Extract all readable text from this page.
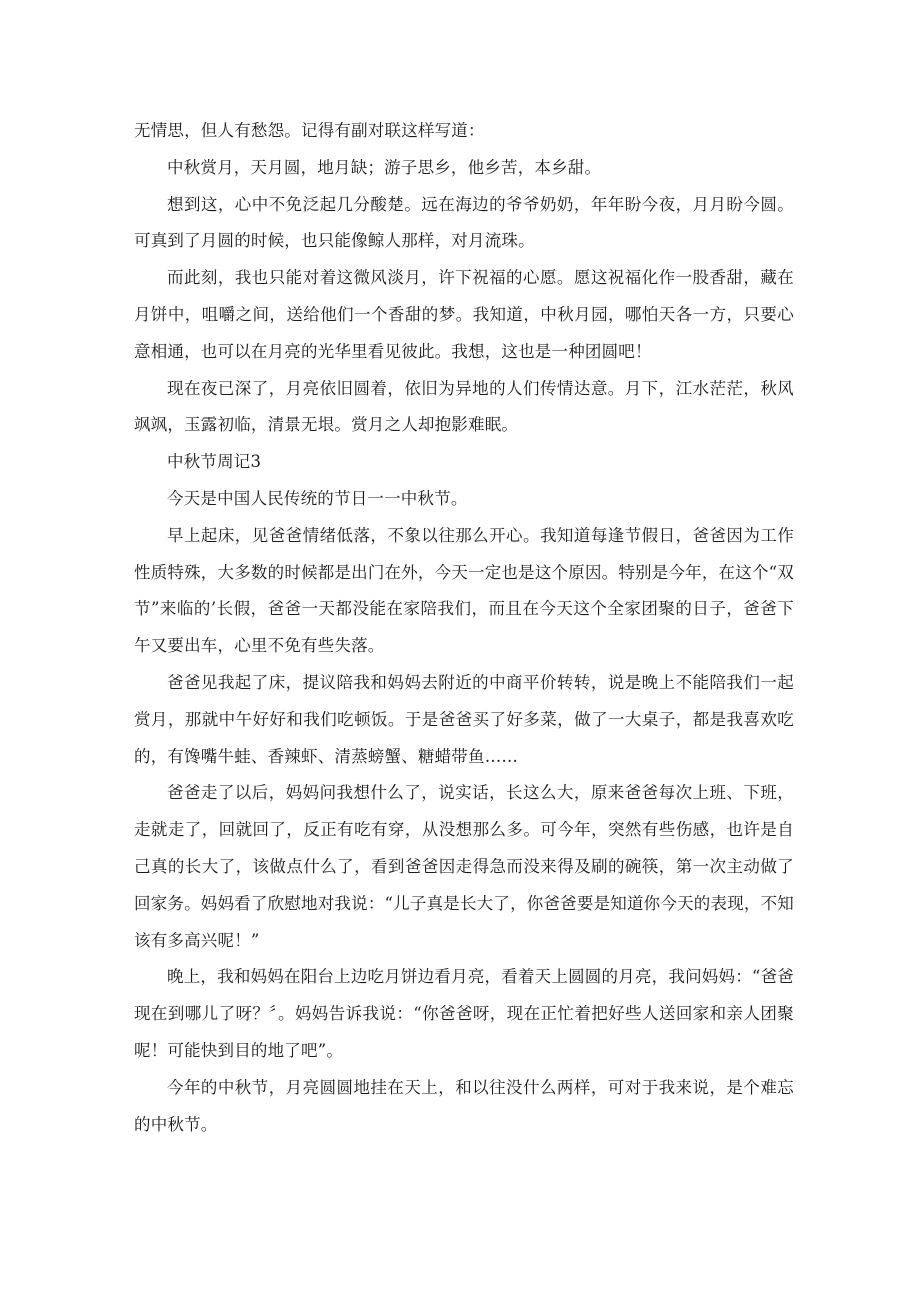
无情思，但人有愁怨。记得有副对联这样写道：

中秋赏月，天月圆，地月缺；游子思乡，他乡苦，本乡甜。

想到这，心中不免泛起几分酸楚。远在海边的爷爷奶奶，年年盼今夜，月月盼今圆。可真到了月圆的时候，也只能像鲸人那样，对月流珠。

而此刻，我也只能对着这微风淡月，许下祝福的心愿。愿这祝福化作一股香甜，藏在月饼中，咀嚼之间，送给他们一个香甜的梦。我知道，中秋月园，哪怕天各一方，只要心意相通，也可以在月亮的光华里看见彼此。我想，这也是一种团圆吧！

现在夜已深了，月亮依旧圆着，依旧为异地的人们传情达意。月下，江水茫茫，秋风飒飒，玉露初临，清景无垠。赏月之人却抱影难眠。

中秋节周记3

今天是中国人民传统的节日一一中秋节。

早上起床，见爸爸情绪低落，不象以往那么开心。我知道每逢节假日，爸爸因为工作性质特殊，大多数的时候都是出门在外，今天一定也是这个原因。特别是今年，在这个“双节”来临的’长假，爸爸一天都没能在家陪我们，而且在今天这个全家团聚的日子，爸爸下午又要出车，心里不免有些失落。

爸爸见我起了床，提议陪我和妈妈去附近的中商平价转转，说是晚上不能陪我们一起赏月，那就中午好好和我们吃顿饭。于是爸爸买了好多菜，做了一大桌子，都是我喜欢吃的，有馋嘴牛蛙、香辣虾、清蒸螃蟹、糖蜡带鱼……

爸爸走了以后，妈妈问我想什么了，说实话，长这么大，原来爸爸每次上班、下班，走就走了，回就回了，反正有吃有穿，从没想那么多。可今年，突然有些伤感，也许是自己真的长大了，该做点什么了，看到爸爸因走得急而没来得及刷的碗筷，第一次主动做了回家务。妈妈看了欣慰地对我说：“儿子真是长大了，你爸爸要是知道你今天的表现，不知该有多高兴呢！”

晚上，我和妈妈在阳台上边吃月饼边看月亮，看着天上圆圆的月亮，我问妈妈：“爸爸现在到哪儿了呀？〞。妈妈告诉我说：“你爸爸呀，现在正忙着把好些人送回家和亲人团聚呢！可能快到目的地了吧”。

今年的中秋节，月亮圆圆地挂在天上，和以往没什么两样，可对于我来说，是个难忘的中秋节。
